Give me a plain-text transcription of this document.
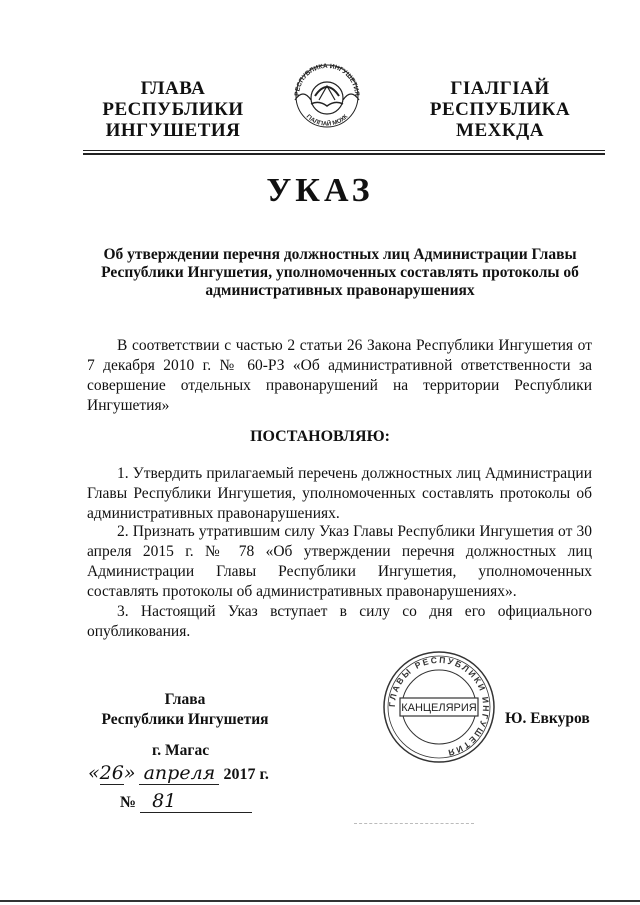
ГЛАВА
РЕСПУБЛИКИ
ИНГУШЕТИЯ
РЕСПУБЛИКА ИНГУШЕТИЯ
ГIАЛГIАЙ МОХК
ГIАЛГIАЙ
РЕСПУБЛИКА
МЕХКДА
УКАЗ
Об утверждении перечня должностных лиц Администрации Главы Республики Ингушетия, уполномоченных составлять протоколы об административных правонарушениях
В соответствии с частью 2 статьи 26 Закона Республики Ингушетия от 7 декабря 2010 г. № 60-РЗ «Об административной ответственности за совершение отдельных правонарушений на территории Республики Ингушетия»
ПОСТАНОВЛЯЮ:
1. Утвердить прилагаемый перечень должностных лиц Администрации Главы Республики Ингушетия, уполномоченных составлять протоколы об административных правонарушениях.
2. Признать утратившим силу Указ Главы Республики Ингушетия от 30 апреля 2015 г. № 78 «Об утверждении перечня должностных лиц Администрации Главы Республики Ингушетия, уполномоченных составлять протоколы об административных правонарушениях».
3. Настоящий Указ вступает в силу со дня его официального опубликования.
Глава
Республики Ингушетия
ГЛАВЫ РЕСПУБЛИКИ ИНГУШЕТИЯ
КАНЦЕЛЯРИЯ
Ю. Евкуров
г. Магас
«26» апреля 2017 г.
№ 81
